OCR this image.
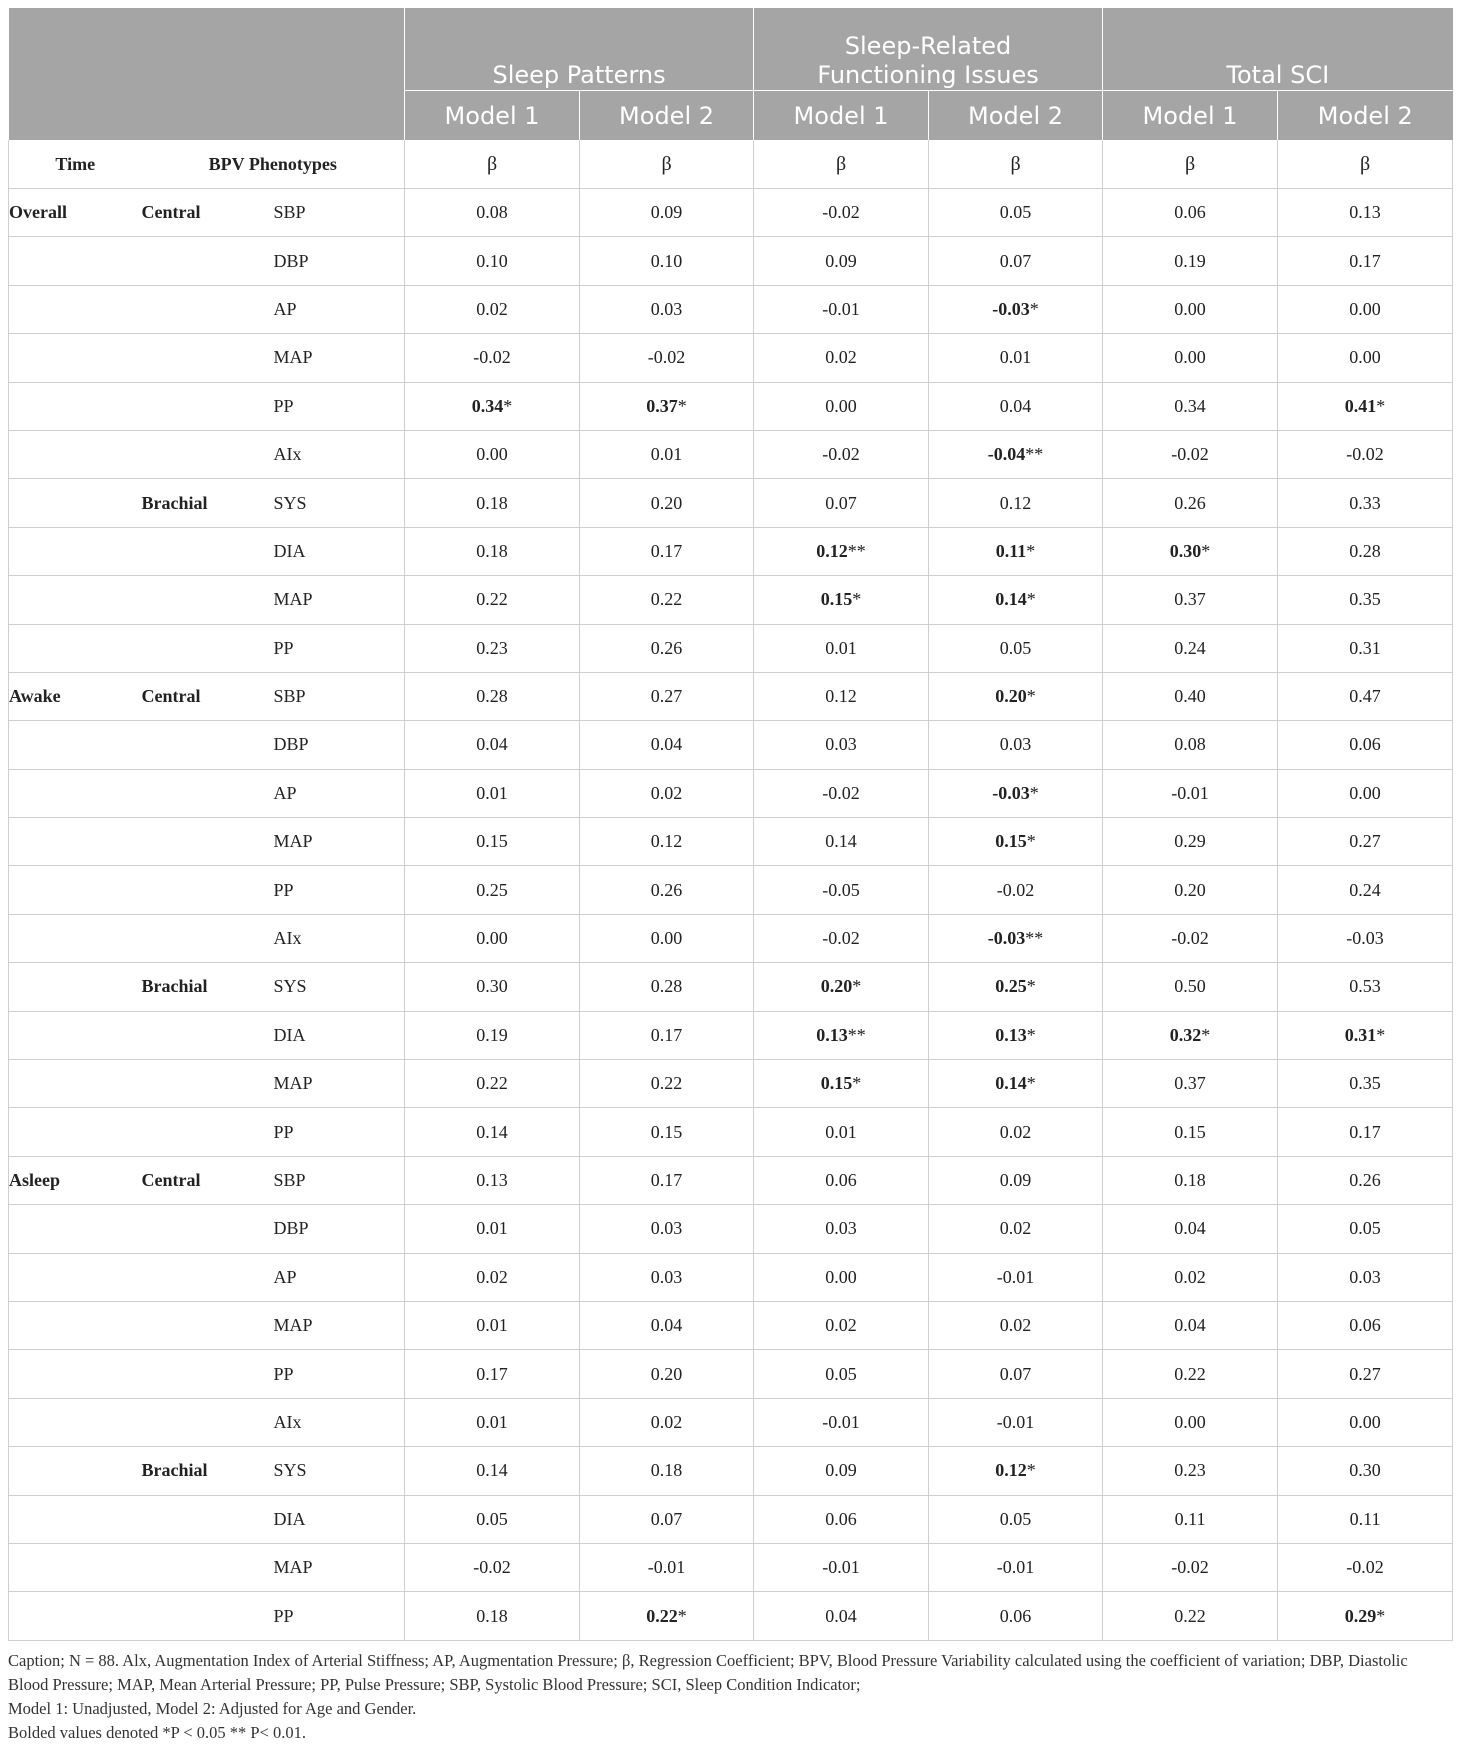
			Sleep Patterns		Sleep-Related Functioning Issues		Total SCI	
			Model 1	Model 2	Model 1	Model 2	Model 1	Model 2
Time	BPV Phenotypes		β	β	β	β	β	β
Overall	Central	SBP	0.08	0.09	-0.02	0.05	0.06	0.13
		DBP	0.10	0.10	0.09	0.07	0.19	0.17
		AP	0.02	0.03	-0.01	-0.03*	0.00	0.00
		MAP	-0.02	-0.02	0.02	0.01	0.00	0.00
		PP	0.34*	0.37*	0.00	0.04	0.34	0.41*
		AIx	0.00	0.01	-0.02	-0.04**	-0.02	-0.02
	Brachial	SYS	0.18	0.20	0.07	0.12	0.26	0.33
		DIA	0.18	0.17	0.12**	0.11*	0.30*	0.28
		MAP	0.22	0.22	0.15*	0.14*	0.37	0.35
		PP	0.23	0.26	0.01	0.05	0.24	0.31
Awake	Central	SBP	0.28	0.27	0.12	0.20*	0.40	0.47
		DBP	0.04	0.04	0.03	0.03	0.08	0.06
		AP	0.01	0.02	-0.02	-0.03*	-0.01	0.00
		MAP	0.15	0.12	0.14	0.15*	0.29	0.27
		PP	0.25	0.26	-0.05	-0.02	0.20	0.24
		AIx	0.00	0.00	-0.02	-0.03**	-0.02	-0.03
	Brachial	SYS	0.30	0.28	0.20*	0.25*	0.50	0.53
		DIA	0.19	0.17	0.13**	0.13*	0.32*	0.31*
		MAP	0.22	0.22	0.15*	0.14*	0.37	0.35
		PP	0.14	0.15	0.01	0.02	0.15	0.17
Asleep	Central	SBP	0.13	0.17	0.06	0.09	0.18	0.26
		DBP	0.01	0.03	0.03	0.02	0.04	0.05
		AP	0.02	0.03	0.00	-0.01	0.02	0.03
		MAP	0.01	0.04	0.02	0.02	0.04	0.06
		PP	0.17	0.20	0.05	0.07	0.22	0.27
		AIx	0.01	0.02	-0.01	-0.01	0.00	0.00
	Brachial	SYS	0.14	0.18	0.09	0.12*	0.23	0.30
		DIA	0.05	0.07	0.06	0.05	0.11	0.11
		MAP	-0.02	-0.01	-0.01	-0.01	-0.02	-0.02
		PP	0.18	0.22*	0.04	0.06	0.22	0.29*

Caption; N = 88. Alx, Augmentation Index of Arterial Stiffness; AP, Augmentation Pressure; β, Regression Coefficient; BPV, Blood Pressure Variability calculated using the coefficient of variation; DBP, Diastolic Blood Pressure; MAP, Mean Arterial Pressure; PP, Pulse Pressure; SBP, Systolic Blood Pressure; SCI, Sleep Condition Indicator;

Model 1: Unadjusted, Model 2: Adjusted for Age and Gender.

Bolded values denoted *P < 0.05 ** P< 0.01.
